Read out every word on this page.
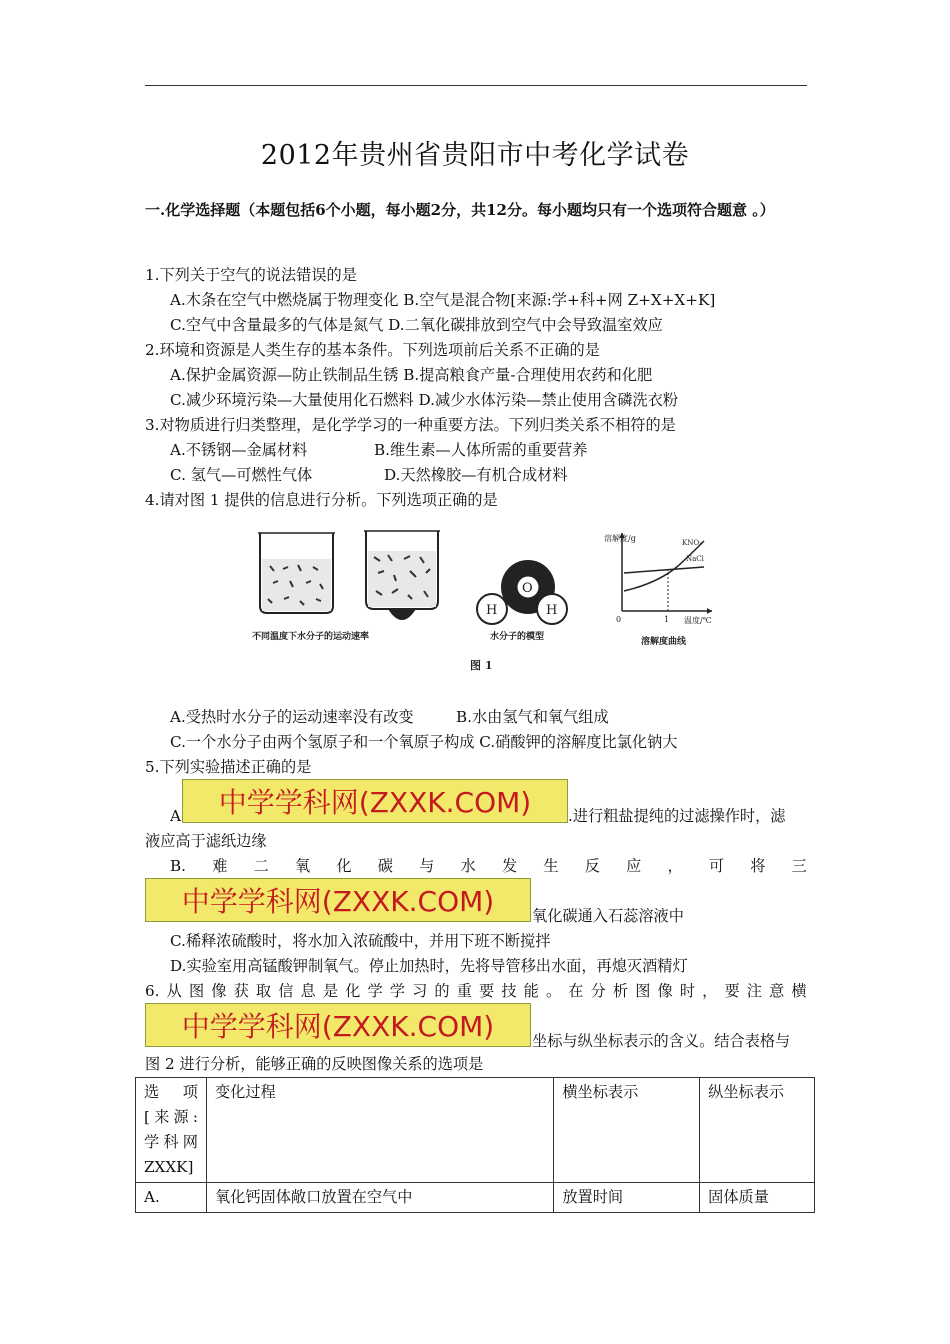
2012年贵州省贵阳市中考化学试卷
一.化学选择题（本题包括6个小题，每小题2分，共12分。每小题均只有一个选项符合题意 。）
1.下列关于空气的说法错误的是
A.木条在空气中燃烧属于物理变化 B.空气是混合物[来源:学+科+网 Z+X+X+K]
C.空气中含量最多的气体是氮气 D.二氧化碳排放到空气中会导致温室效应
2.环境和资源是人类生存的基本条件。下列选项前后关系不正确的是
A.保护金属资源—防止铁制品生锈 B.提高粮食产量-合理使用农药和化肥
C.减少环境污染—大量使用化石燃料 D.减少水体污染—禁止使用含磷洗衣粉
3.对物质进行归类整理，是化学学习的一种重要方法。下列归类关系不相符的是
A.不锈钢—金属材料	B.维生素—人体所需的重要营养
C. 氢气—可燃性气体	D.天然橡胶—有机合成材料
4.请对图 1 提供的信息进行分析。下列选项正确的是
不同温度下水分子的运动速率
O
H	H
水分子的模型
溶解度/g
温度/℃
0	1
KNO₃
NaCl
溶解度曲线
图 1
A.受热时水分子的运动速率没有改变	B.水由氢气和氧气组成
C.一个水分子由两个氢原子和一个氧原子构成 C.硝酸钾的溶解度比氯化钠大
5.下列实验描述正确的是
A 中学学科网(ZXXK.COM) .进行粗盐提纯的过滤操作时，滤
液应高于滤纸边缘
B. 难 二 氧 化 碳 与 水 发 生 反 应 ， 可 将 三
中学学科网(ZXXK.COM) 氧化碳通入石蕊溶液中
C.稀释浓硫酸时，将水加入浓硫酸中，并用下班不断搅拌
D.实验室用高锰酸钾制氧气。停止加热时，先将导管移出水面，再熄灭酒精灯
6. 从 图 像 获 取 信 息 是 化 学 学 习 的 重 要 技 能 。 在 分 析 图 像 时 ， 要 注 意 横
中学学科网(ZXXK.COM) 坐标与纵坐标表示的含义。结合表格与
图 2 进行分析，能够正确的反映图像关系的选项是
选　项 [来源:学科网 ZXXK]	变化过程	横坐标表示	纵坐标表示
A.	氧化钙固体敞口放置在空气中	放置时间	固体质量
